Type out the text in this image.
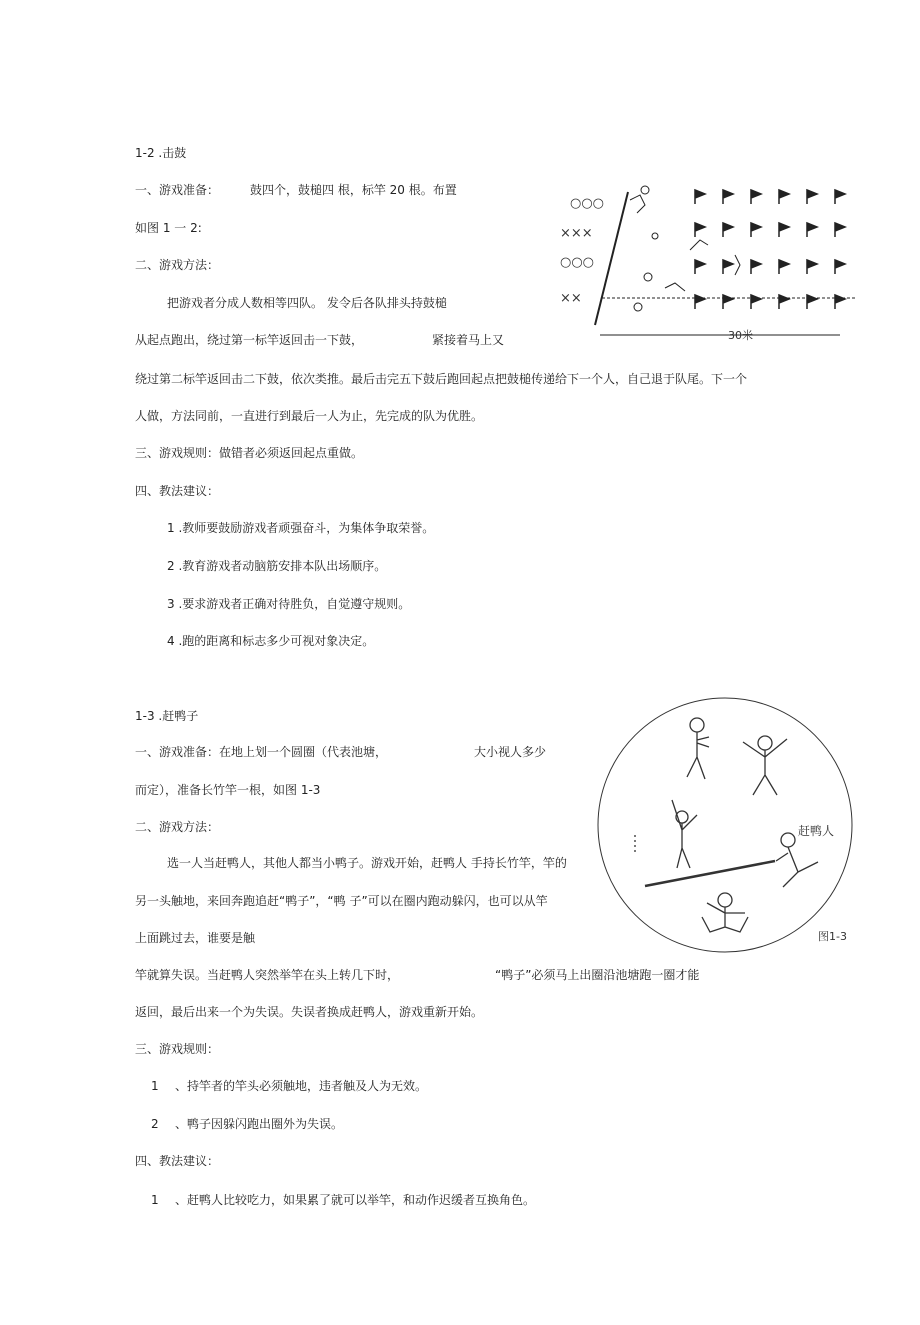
1-2 .击鼓
一、游戏准备：	鼓四个，鼓槌四 根，标竿 20 根。布置
如图 1 一 2:
二、游戏方法：
把游戏者分成人数相等四队。 发令后各队排头持鼓槌
从起点跑出，绕过第一标竿返回击一下鼓，	紧接着马上又
绕过第二标竿返回击二下鼓，依次类推。最后击完五下鼓后跑回起点把鼓槌传递给下一个人，自己退于队尾。下一个
人做，方法同前，一直进行到最后一人为止，先完成的队为优胜。
三、游戏规则：做错者必须返回起点重做。
四、教法建议：
1 .教师要鼓励游戏者顽强奋斗，为集体争取荣誉。
2 .教育游戏者动脑筋安排本队出场顺序。
3 .要求游戏者正确对待胜负，自觉遵守规则。
4 .跑的距离和标志多少可视对象决定。
○○○
×××
○○○
××
30米
1-3 .赶鸭子
一、游戏准备：在地上划一个圆圈（代表池塘，	大小视人多少
而定），准备长竹竿一根，如图 1-3
二、游戏方法：
选一人当赶鸭人，其他人都当小鸭子。游戏开始，赶鸭人 手持长竹竿，竿的
另一头触地，来回奔跑追赶“鸭子”，“鸭 子”可以在圈内跑动躲闪，也可以从竿
上面跳过去，谁要是触
竿就算失误。当赶鸭人突然举竿在头上转几下时，	“鸭子”必须马上出圈沿池塘跑一圈才能
返回，最后出来一个为失误。失误者换成赶鸭人，游戏重新开始。
三、游戏规则：
1 、持竿者的竿头必须触地，违者触及人为无效。
2 、鸭子因躲闪跑出圈外为失误。
四、教法建议：
1 、赶鸭人比较吃力，如果累了就可以举竿，和动作迟缓者互换角色。
赶鸭人
图1-3
